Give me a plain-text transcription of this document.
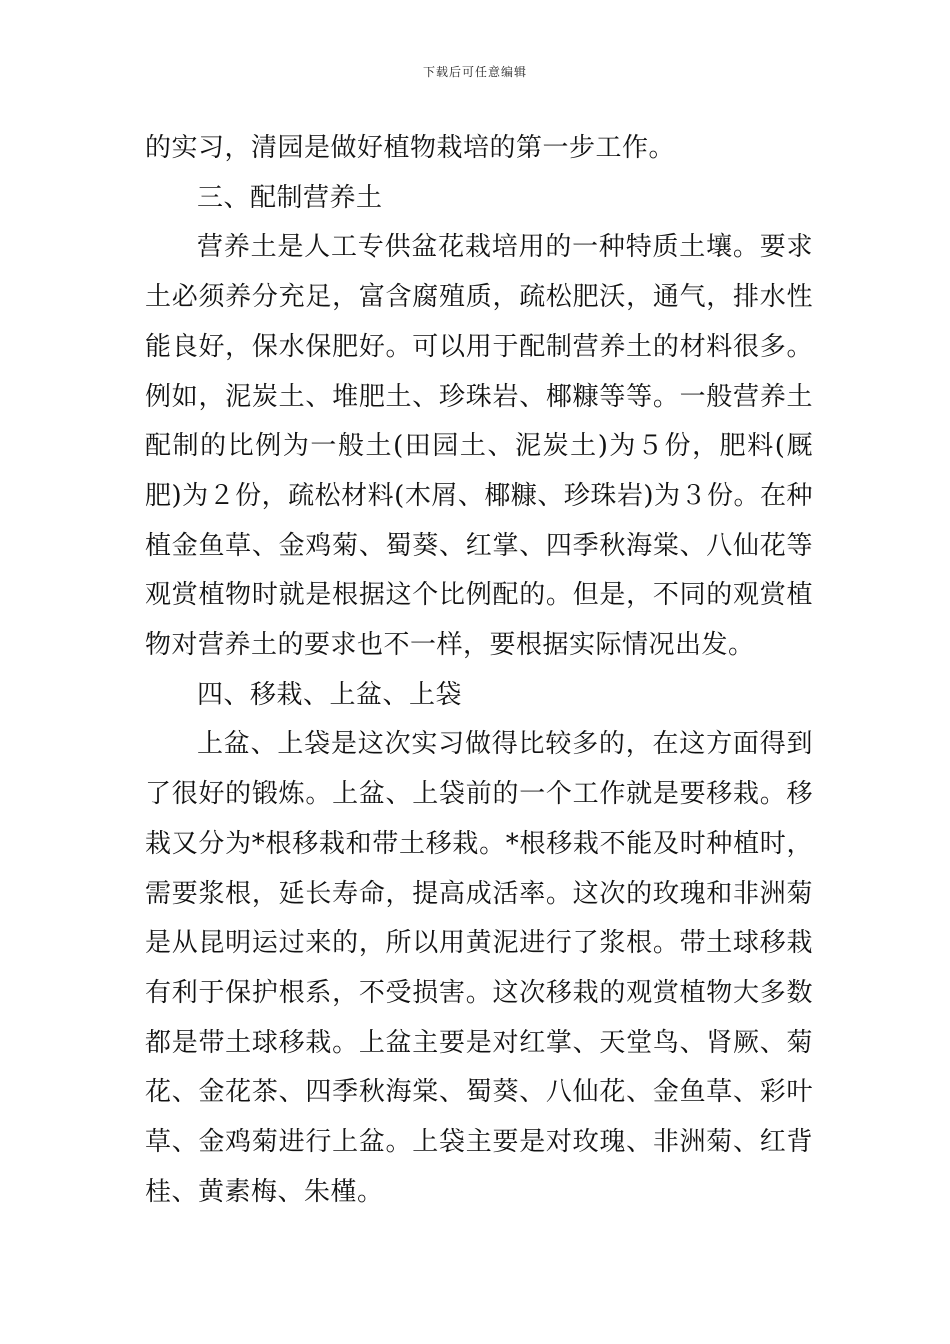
下载后可任意编辑

的实习，清园是做好植物栽培的第一步工作。

三、配制营养土

营养土是人工专供盆花栽培用的一种特质土壤。要求土必须养分充足，富含腐殖质，疏松肥沃，通气，排水性能良好，保水保肥好。可以用于配制营养土的材料很多。例如，泥炭土、堆肥土、珍珠岩、椰糠等等。一般营养土配制的比例为一般土(田园土、泥炭土)为５份，肥料(厩肥)为２份，疏松材料(木屑、椰糠、珍珠岩)为３份。在种植金鱼草、金鸡菊、蜀葵、红掌、四季秋海棠、八仙花等观赏植物时就是根据这个比例配的。但是，不同的观赏植物对营养土的要求也不一样，要根据实际情况出发。

四、移栽、上盆、上袋

上盆、上袋是这次实习做得比较多的，在这方面得到了很好的锻炼。上盆、上袋前的一个工作就是要移栽。移栽又分为*根移栽和带土移栽。*根移栽不能及时种植时，需要浆根，延长寿命，提高成活率。这次的玫瑰和非洲菊是从昆明运过来的，所以用黄泥进行了浆根。带土球移栽有利于保护根系，不受损害。这次移栽的观赏植物大多数都是带土球移栽。上盆主要是对红掌、天堂鸟、肾厥、菊花、金花茶、四季秋海棠、蜀葵、八仙花、金鱼草、彩叶草、金鸡菊进行上盆。上袋主要是对玫瑰、非洲菊、红背桂、黄素梅、朱槿。
